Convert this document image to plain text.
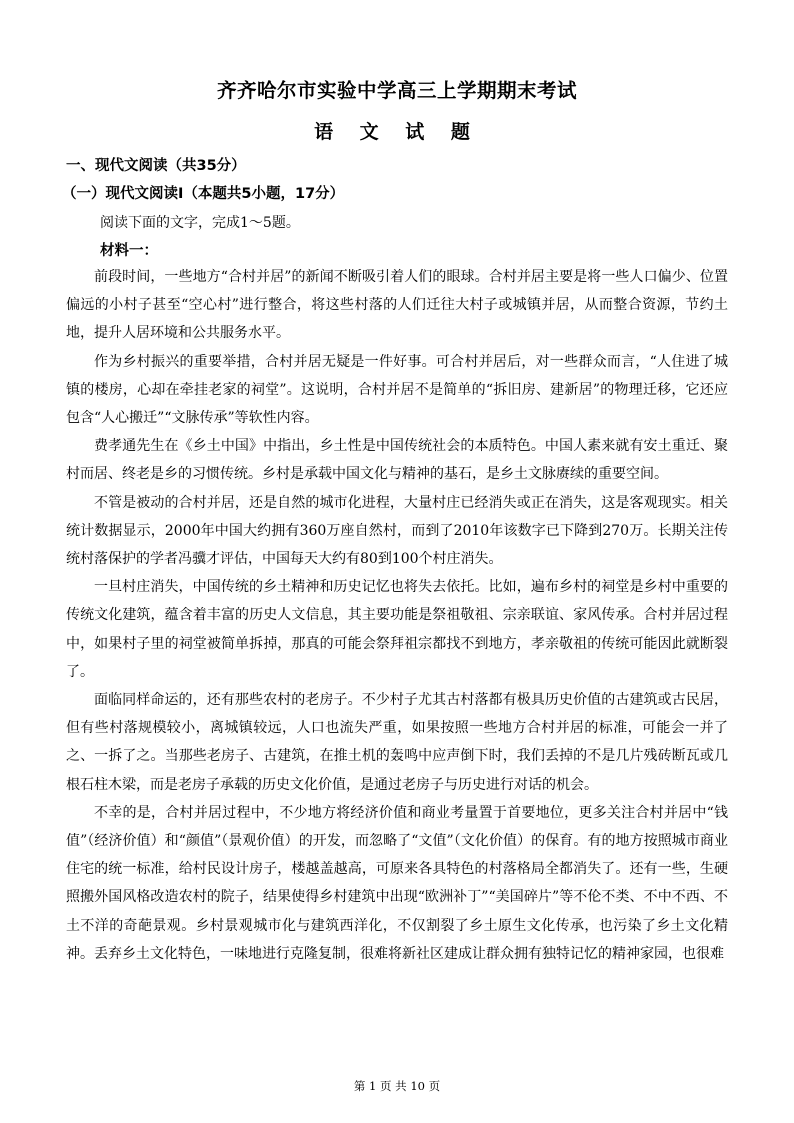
齐齐哈尔市实验中学高三上学期期末考试
语 文 试 题
一、现代文阅读（共35分）
（一）现代文阅读Ⅰ（本题共5小题，17分）
阅读下面的文字，完成1～5题。
材料一：

前段时间，一些地方“合村并居”的新闻不断吸引着人们的眼球。合村并居主要是将一些人口偏少、位置偏远的小村子甚至“空心村”进行整合，将这些村落的人们迁往大村子或城镇并居，从而整合资源，节约土地，提升人居环境和公共服务水平。

作为乡村振兴的重要举措，合村并居无疑是一件好事。可合村并居后，对一些群众而言，“人住进了城镇的楼房，心却在牵挂老家的祠堂”。这说明，合村并居不是简单的“拆旧房、建新居”的物理迁移，它还应包含“人心搬迁”“文脉传承”等软性内容。

费孝通先生在《乡土中国》中指出，乡土性是中国传统社会的本质特色。中国人素来就有安土重迁、聚村而居、终老是乡的习惯传统。乡村是承载中国文化与精神的基石，是乡土文脉赓续的重要空间。

不管是被动的合村并居，还是自然的城市化进程，大量村庄已经消失或正在消失，这是客观现实。相关统计数据显示，2000年中国大约拥有360万座自然村，而到了2010年该数字已下降到270万。长期关注传统村落保护的学者冯骥才评估，中国每天大约有80到100个村庄消失。

一旦村庄消失，中国传统的乡土精神和历史记忆也将失去依托。比如，遍布乡村的祠堂是乡村中重要的传统文化建筑，蕴含着丰富的历史人文信息，其主要功能是祭祖敬祖、宗亲联谊、家风传承。合村并居过程中，如果村子里的祠堂被简单拆掉，那真的可能会祭拜祖宗都找不到地方，孝亲敬祖的传统可能因此就断裂了。

面临同样命运的，还有那些农村的老房子。不少村子尤其古村落都有极具历史价值的古建筑或古民居，但有些村落规模较小，离城镇较远，人口也流失严重，如果按照一些地方合村并居的标准，可能会一并了之、一拆了之。当那些老房子、古建筑，在推土机的轰鸣中应声倒下时，我们丢掉的不是几片残砖断瓦或几根石柱木梁，而是老房子承载的历史文化价值，是通过老房子与历史进行对话的机会。

不幸的是，合村并居过程中，不少地方将经济价值和商业考量置于首要地位，更多关注合村并居中“钱值”（经济价值）和“颜值”（景观价值）的开发，而忽略了“文值”（文化价值）的保育。有的地方按照城市商业住宅的统一标准，给村民设计房子，楼越盖越高，可原来各具特色的村落格局全都消失了。还有一些，生硬照搬外国风格改造农村的院子，结果使得乡村建筑中出现“欧洲补丁”“美国碎片”等不伦不类、不中不西、不土不洋的奇葩景观。乡村景观城市化与建筑西洋化，不仅割裂了乡土原生文化传承，也污染了乡土文化精神。丢弃乡土文化特色，一味地进行克隆复制，很难将新社区建成让群众拥有独特记忆的精神家园，也很难

第 1 页 共 10 页
